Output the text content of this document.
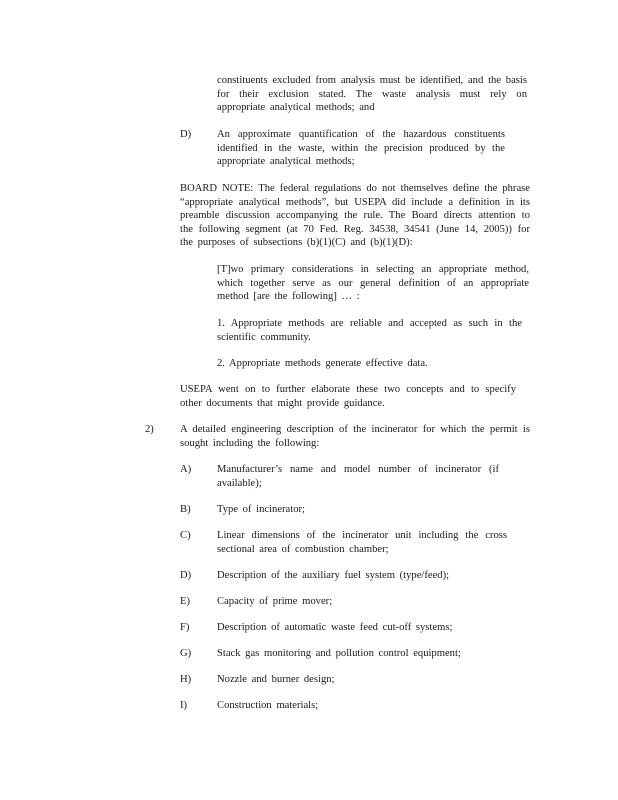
constituents excluded from analysis must be identified, and the basis for their exclusion stated. The waste analysis must rely on appropriate analytical methods; and

D) An approximate quantification of the hazardous constituents identified in the waste, within the precision produced by the appropriate analytical methods;

BOARD NOTE: The federal regulations do not themselves define the phrase “appropriate analytical methods”, but USEPA did include a definition in its preamble discussion accompanying the rule. The Board directs attention to the following segment (at 70 Fed. Reg. 34538, 34541 (June 14, 2005)) for the purposes of subsections (b)(1)(C) and (b)(1)(D):

[T]wo primary considerations in selecting an appropriate method, which together serve as our general definition of an appropriate method [are the following] … :

1. Appropriate methods are reliable and accepted as such in the scientific community.

2. Appropriate methods generate effective data.

USEPA went on to further elaborate these two concepts and to specify other documents that might provide guidance.

2) A detailed engineering description of the incinerator for which the permit is sought including the following:

A) Manufacturer’s name and model number of incinerator (if available);

B) Type of incinerator;

C) Linear dimensions of the incinerator unit including the cross sectional area of combustion chamber;

D) Description of the auxiliary fuel system (type/feed);

E)	Capacity of prime mover;

F)	Description of automatic waste feed cut-off systems;

G) Stack gas monitoring and pollution control equipment;

H) Nozzle and burner design;

I)	Construction materials;
